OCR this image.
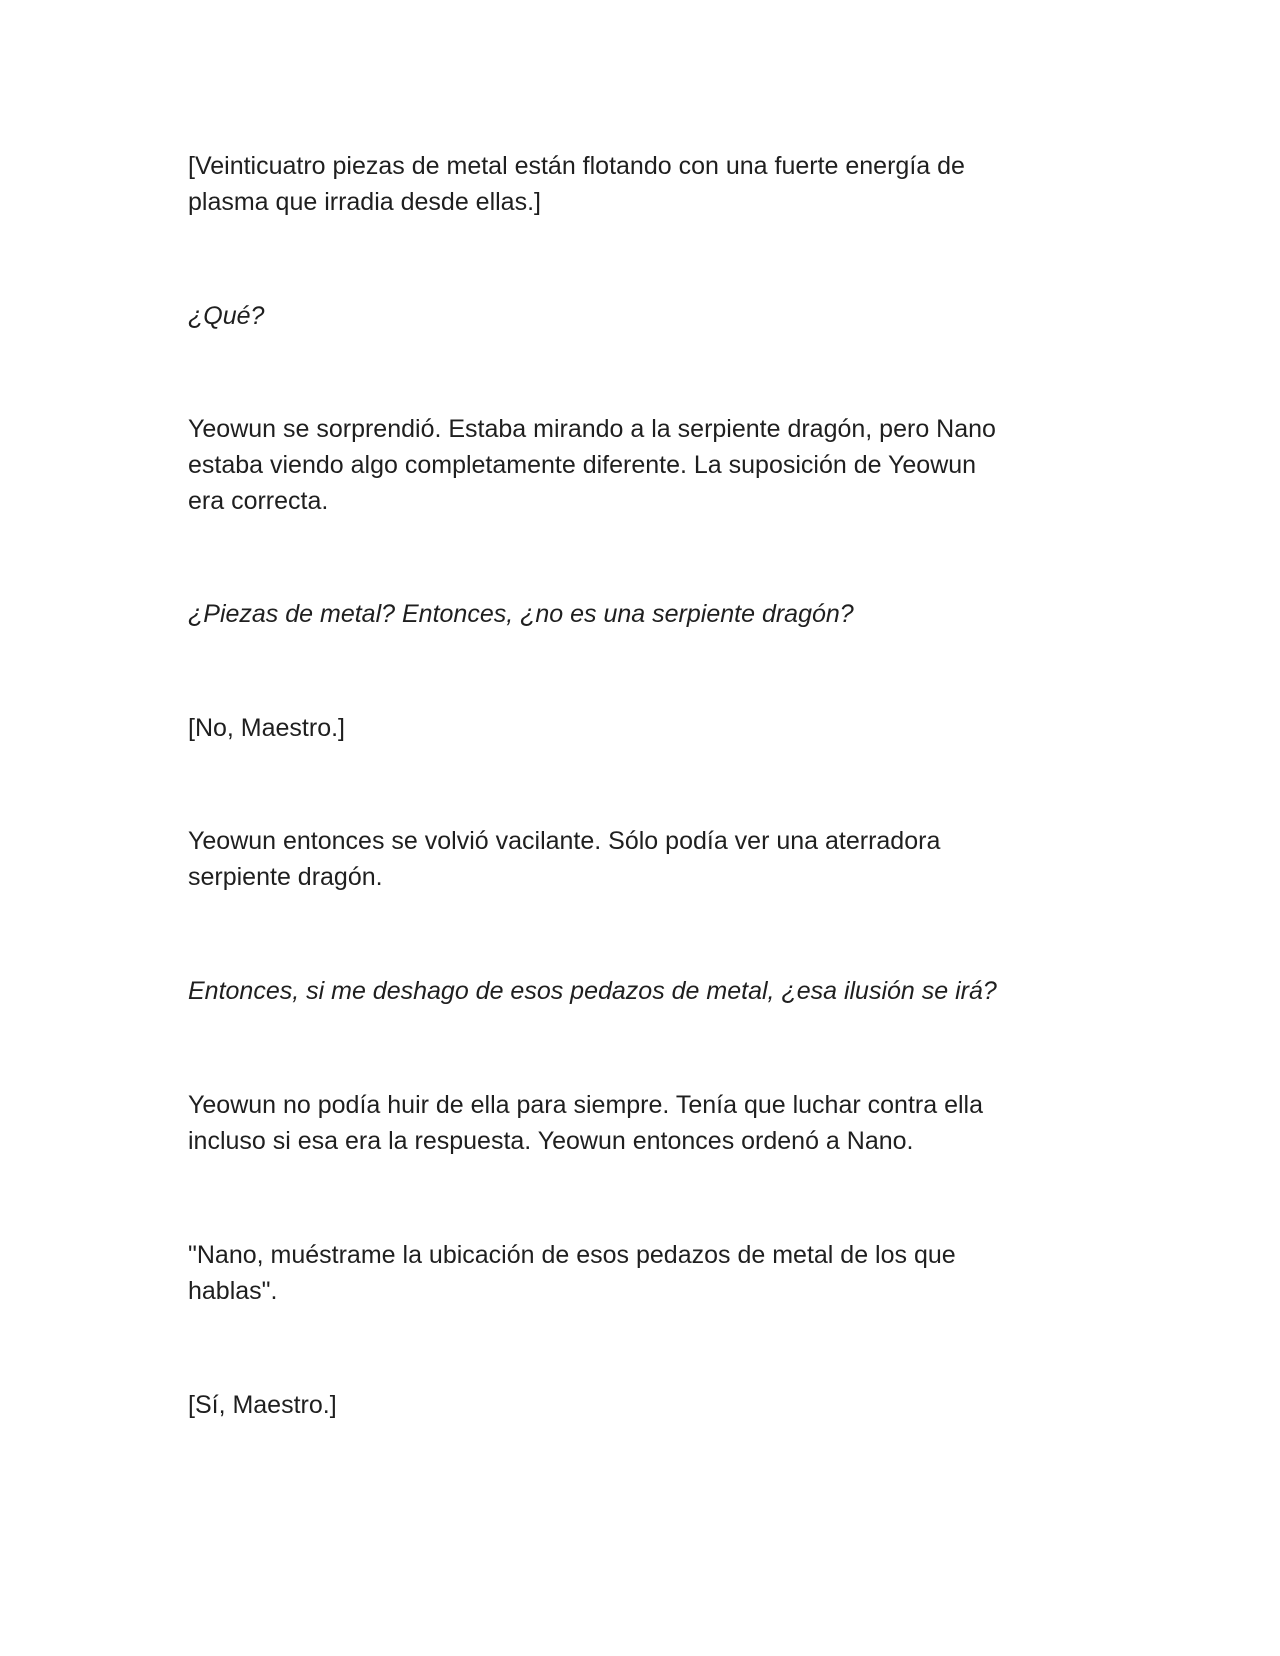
[Veinticuatro piezas de metal están flotando con una fuerte energía de
plasma que irradia desde ellas.]

¿Qué?

Yeowun se sorprendió. Estaba mirando a la serpiente dragón, pero Nano
estaba viendo algo completamente diferente. La suposición de Yeowun
era correcta.

¿Piezas de metal? Entonces, ¿no es una serpiente dragón?

[No, Maestro.]

Yeowun entonces se volvió vacilante. Sólo podía ver una aterradora
serpiente dragón.

Entonces, si me deshago de esos pedazos de metal, ¿esa ilusión se irá?

Yeowun no podía huir de ella para siempre. Tenía que luchar contra ella
incluso si esa era la respuesta. Yeowun entonces ordenó a Nano.

"Nano, muéstrame la ubicación de esos pedazos de metal de los que
hablas".

[Sí, Maestro.]
